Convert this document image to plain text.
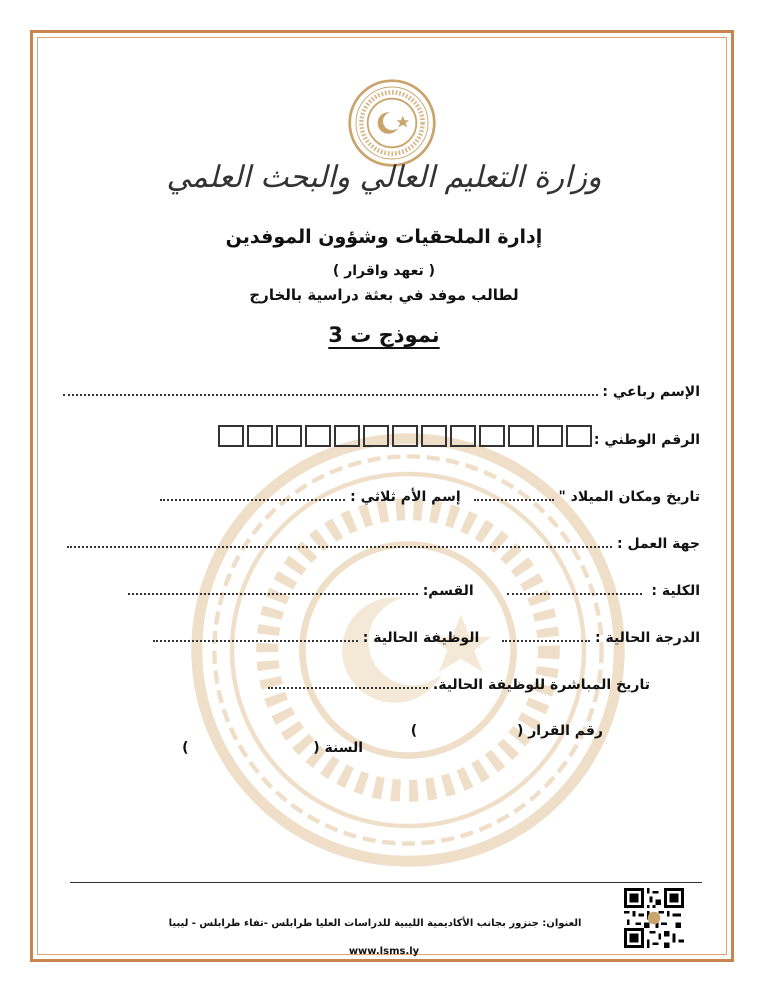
وزارة التعليم العالي والبحث العلمي
إدارة الملحقيات وشؤون الموفدين
( تعهد واقرار )
لطالب موفد في بعثة دراسية بالخارج
نموذج ت 3
الإسم رباعي :
الرقم الوطني :
تاريخ ومكان الميلاد "  إسم الأم ثلاثي :
جهة العمل :
الكلية :  القسم:
الدرجة الحالية :  الوظيفة الحالية :
تاريخ المباشرة للوظيفة الحالية.
رقم القرار (  )
السنة (  )
العنوان: جنزور بجانب الأكاديمية الليبية للدراسات العليا طرابلس -تفاء طرابلس - ليبيا
www.lsms.ly
